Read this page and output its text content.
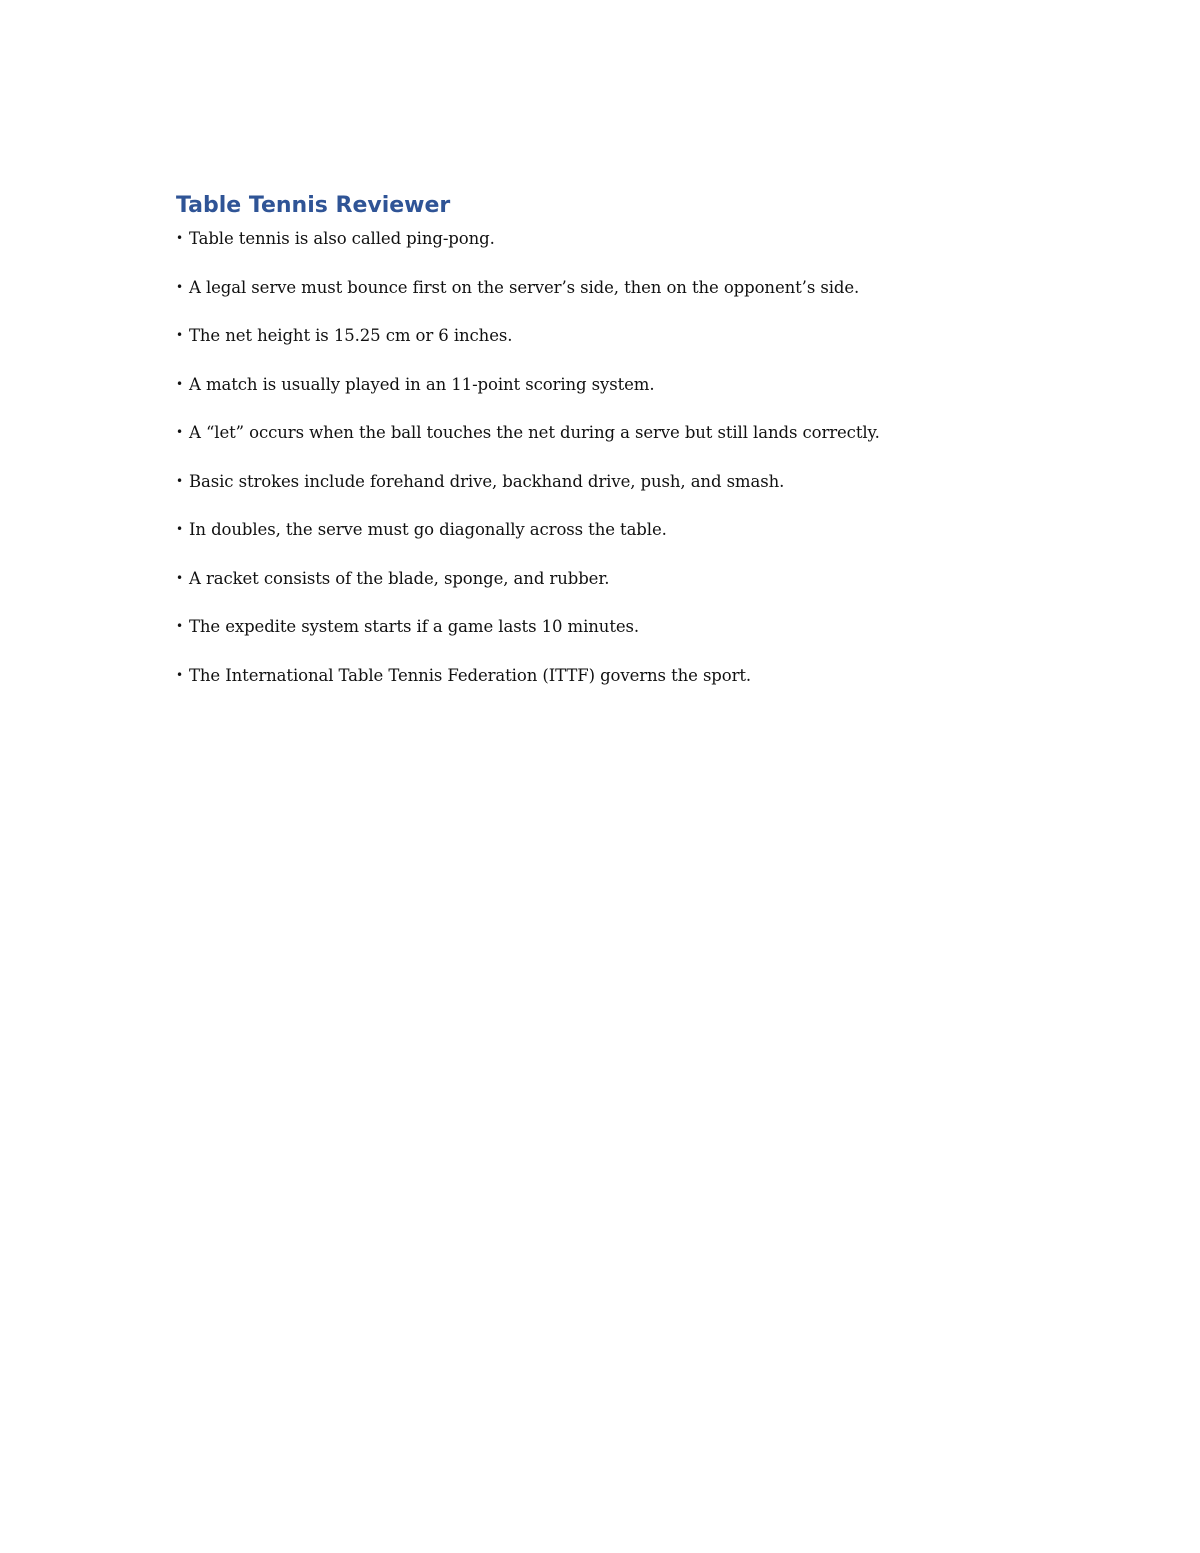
Table Tennis Reviewer
• Table tennis is also called ping-pong.
• A legal serve must bounce first on the server’s side, then on the opponent’s side.
• The net height is 15.25 cm or 6 inches.
• A match is usually played in an 11-point scoring system.
• A “let” occurs when the ball touches the net during a serve but still lands correctly.
• Basic strokes include forehand drive, backhand drive, push, and smash.
• In doubles, the serve must go diagonally across the table.
• A racket consists of the blade, sponge, and rubber.
• The expedite system starts if a game lasts 10 minutes.
• The International Table Tennis Federation (ITTF) governs the sport.
